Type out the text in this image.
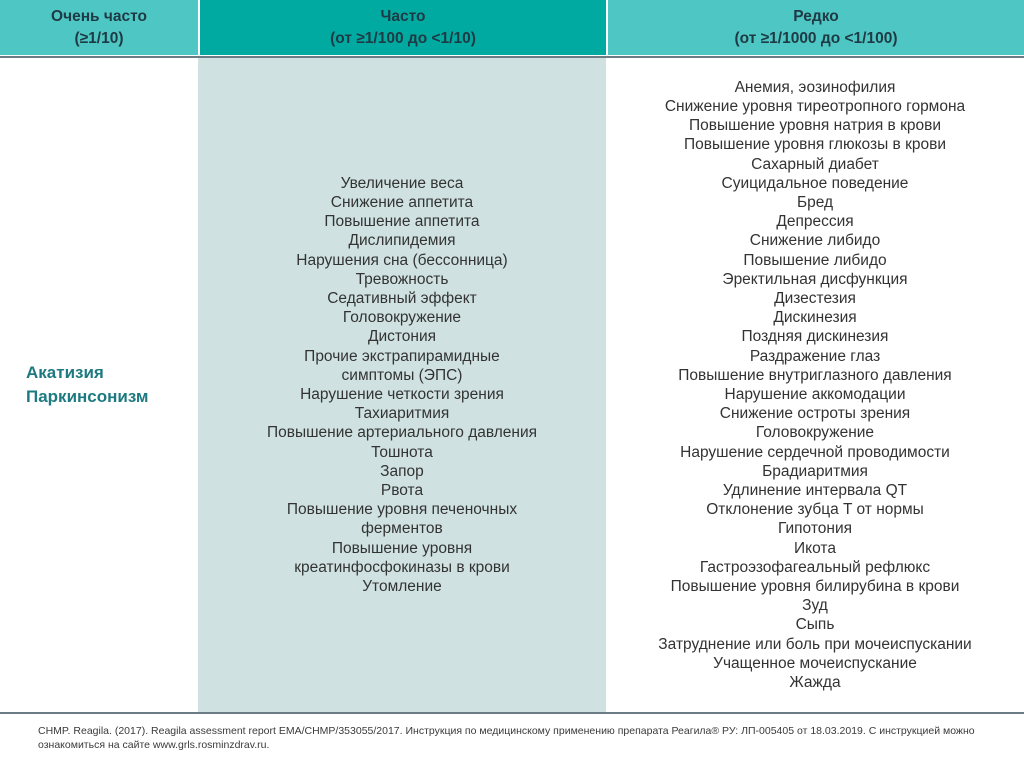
Очень часто
(≥1/10)
Часто
(от ≥1/100 до <1/10)
Редко
(от ≥1/1000 до <1/100)
Акатизия
Паркинсонизм
Увеличение веса
Снижение аппетита
Повышение аппетита
Дислипидемия
Нарушения сна (бессонница)
Тревожность
Седативный эффект
Головокружение
Дистония
Прочие экстрапирамидные
симптомы (ЭПС)
Нарушение четкости зрения
Тахиаритмия
Повышение артериального давления
Тошнота
Запор
Рвота
Повышение уровня печеночных
ферментов
Повышение уровня
креатинфосфокиназы в крови
Утомление
Анемия, эозинофилия
Снижение уровня тиреотропного гормона
Повышение уровня натрия в крови
Повышение уровня глюкозы в крови
Сахарный диабет
Суицидальное поведение
Бред
Депрессия
Снижение либидо
Повышение либидо
Эректильная дисфункция
Дизестезия
Дискинезия
Поздняя дискинезия
Раздражение глаз
Повышение внутриглазного давления
Нарушение аккомодации
Снижение остроты зрения
Головокружение
Нарушение сердечной проводимости
Брадиаритмия
Удлинение интервала QT
Отклонение зубца T от нормы
Гипотония
Икота
Гастроэзофагеальный рефлюкс
Повышение уровня билирубина в крови
Зуд
Сыпь
Затруднение или боль при мочеиспускании
Учащенное мочеиспускание
Жажда
CHMP. Reagila. (2017). Reagila assessment report EMA/CHMP/353055/2017. Инструкция по медицинскому применению препарата Реагила® РУ: ЛП-005405 от 18.03.2019. С инструкцией можно ознакомиться на сайте www.grls.rosminzdrav.ru.
